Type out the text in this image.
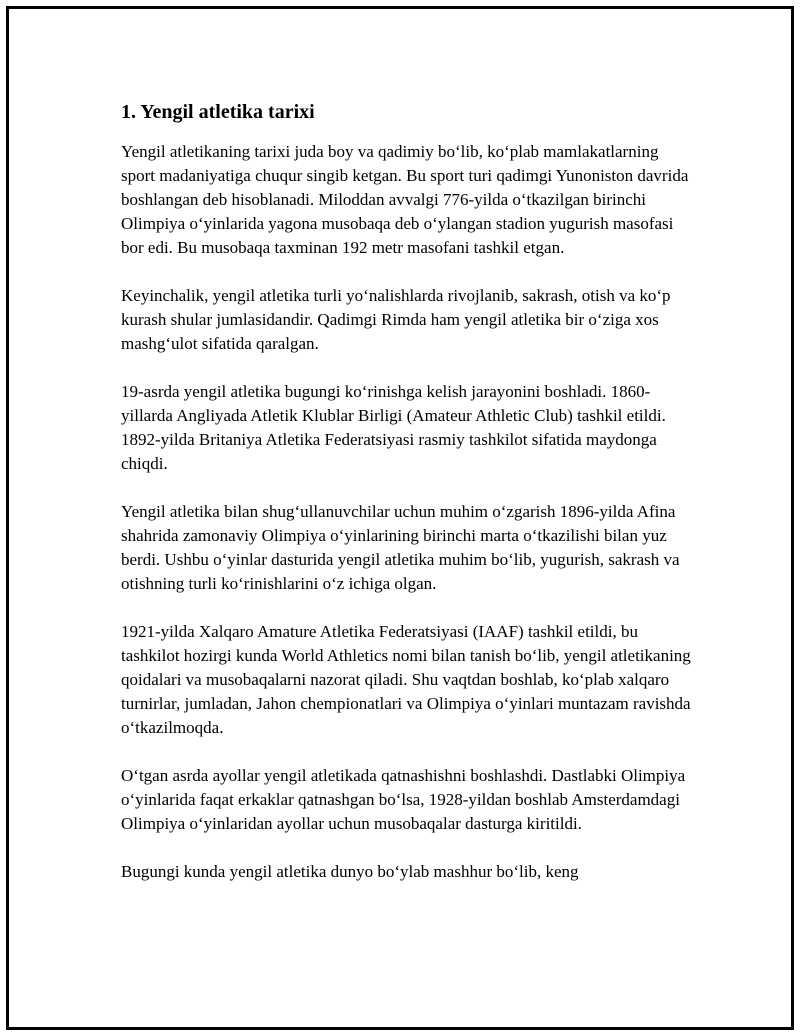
1. Yengil atletika tarixi

Yengil atletikaning tarixi juda boy va qadimiy bo‘lib, ko‘plab mamlakatlarning sport madaniyatiga chuqur singib ketgan. Bu sport turi qadimgi Yunoniston davrida boshlangan deb hisoblanadi. Miloddan avvalgi 776-yilda o‘tkazilgan birinchi Olimpiya o‘yinlarida yagona musobaqa deb o‘ylangan stadion yugurish masofasi bor edi. Bu musobaqa taxminan 192 metr masofani tashkil etgan.

Keyinchalik, yengil atletika turli yo‘nalishlarda rivojlanib, sakrash, otish va ko‘p kurash shular jumlasidandir. Qadimgi Rimda ham yengil atletika bir o‘ziga xos mashg‘ulot sifatida qaralgan.

19-asrda yengil atletika bugungi ko‘rinishga kelish jarayonini boshladi. 1860-yillarda Angliyada Atletik Klublar Birligi (Amateur Athletic Club) tashkil etildi. 1892-yilda Britaniya Atletika Federatsiyasi rasmiy tashkilot sifatida maydonga chiqdi.

Yengil atletika bilan shug‘ullanuvchilar uchun muhim o‘zgarish 1896-yilda Afina shahrida zamonaviy Olimpiya o‘yinlarining birinchi marta o‘tkazilishi bilan yuz berdi. Ushbu o‘yinlar dasturida yengil atletika muhim bo‘lib, yugurish, sakrash va otishning turli ko‘rinishlarini o‘z ichiga olgan.

1921-yilda Xalqaro Amature Atletika Federatsiyasi (IAAF) tashkil etildi, bu tashkilot hozirgi kunda World Athletics nomi bilan tanish bo‘lib, yengil atletikaning qoidalari va musobaqalarni nazorat qiladi. Shu vaqtdan boshlab, ko‘plab xalqaro turnirlar, jumladan, Jahon chempionatlari va Olimpiya o‘yinlari muntazam ravishda o‘tkazilmoqda.

O‘tgan asrda ayollar yengil atletikada qatnashishni boshlashdi. Dastlabki Olimpiya o‘yinlarida faqat erkaklar qatnashgan bo‘lsa, 1928-yildan boshlab Amsterdamdagi Olimpiya o‘yinlaridan ayollar uchun musobaqalar dasturga kiritildi.

Bugungi kunda yengil atletika dunyo bo‘ylab mashhur bo‘lib, keng
